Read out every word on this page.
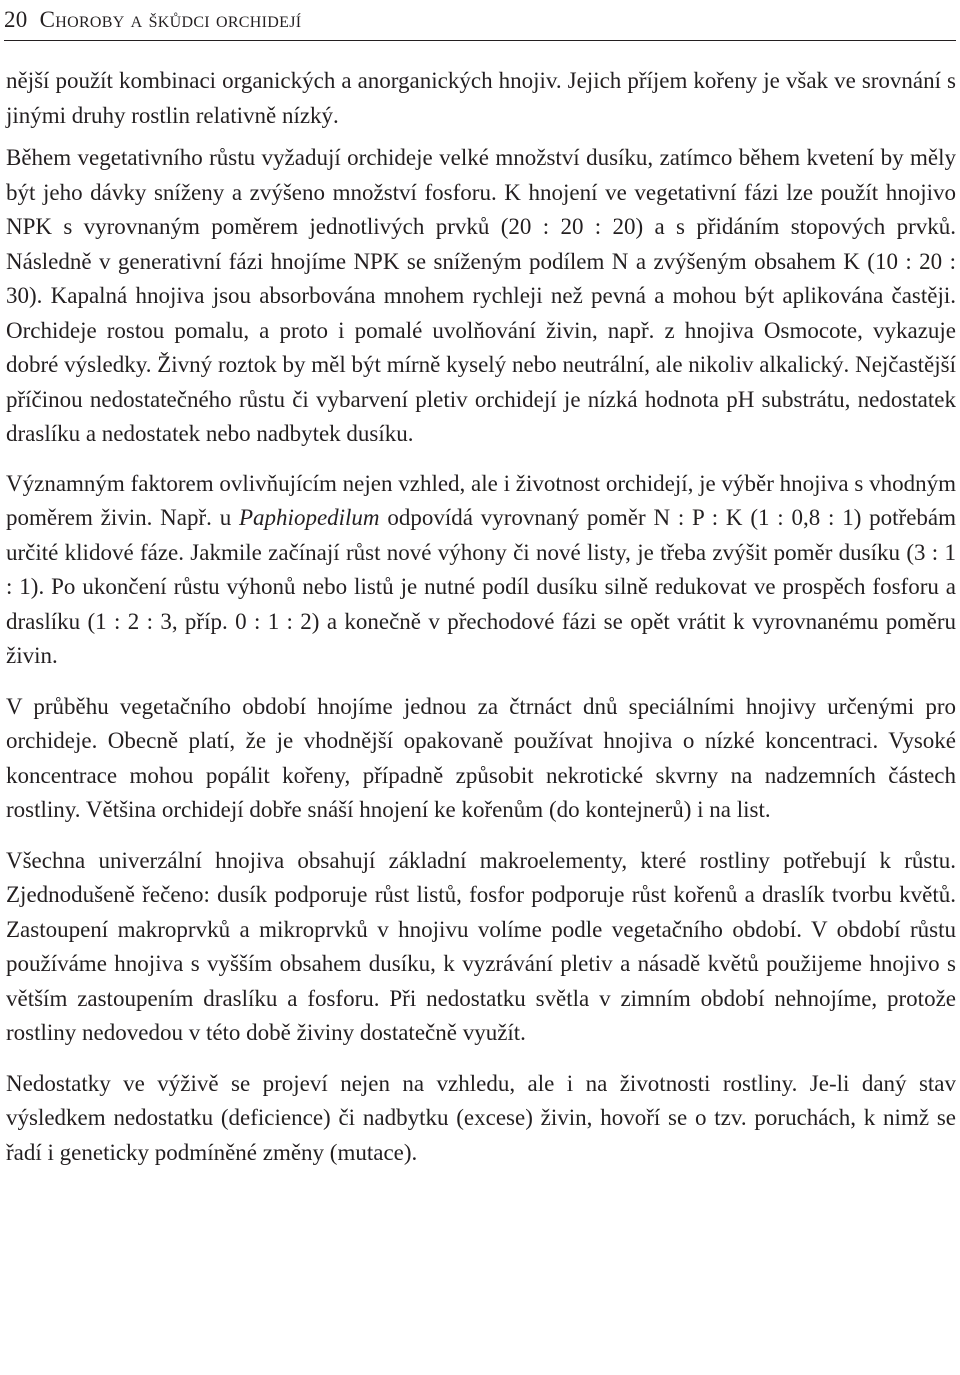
20 Choroby a škůdci orchidejí

nější použít kombinaci organických a anorganických hnojiv. Jejich příjem kořeny je však ve srovnání s jinými druhy rostlin relativně nízký.

Během vegetativního růstu vyžadují orchideje velké množství dusíku, zatímco během kvetení by měly být jeho dávky sníženy a zvýšeno množství fosforu. K hnojení ve vegetativní fázi lze použít hnojivo NPK s vyrovnaným poměrem jednotlivých prvků (20 : 20 : 20) a s přidáním stopových prvků. Následně v generativní fázi hnojíme NPK se sníženým podílem N a zvýšeným obsahem K (10 : 20 : 30). Kapalná hnojiva jsou absorbována mnohem rychleji než pevná a mohou být aplikována častěji. Orchideje rostou pomalu, a proto i pomalé uvolňování živin, např. z hnojiva Osmocote, vykazuje dobré výsledky. Živný roztok by měl být mírně kyselý nebo neutrální, ale nikoliv alkalický. Nejčastější příčinou nedostatečného růstu či vybarvení pletiv orchidejí je nízká hodnota pH substrátu, nedostatek draslíku a nedostatek nebo nadbytek dusíku.

Významným faktorem ovlivňujícím nejen vzhled, ale i životnost orchidejí, je výběr hnojiva s vhodným poměrem živin. Např. u Paphiopedilum odpovídá vyrovnaný poměr N : P : K (1 : 0,8 : 1) potřebám určité klidové fáze. Jakmile začínají růst nové výhony či nové listy, je třeba zvýšit poměr dusíku (3 : 1 : 1). Po ukončení růstu výhonů nebo listů je nutné podíl dusíku silně redukovat ve prospěch fosforu a draslíku (1 : 2 : 3, příp. 0 : 1 : 2) a konečně v přechodové fázi se opět vrátit k vyrovnanému poměru živin.

V průběhu vegetačního období hnojíme jednou za čtrnáct dnů speciálními hnojivy určenými pro orchideje. Obecně platí, že je vhodnější opakovaně používat hnojiva o nízké koncentraci. Vysoké koncentrace mohou popálit kořeny, případně způsobit nekrotické skvrny na nadzemních částech rostliny. Většina orchidejí dobře snáší hnojení ke kořenům (do kontejnerů) i na list.

Všechna univerzální hnojiva obsahují základní makroelementy, které rostliny potřebují k růstu. Zjednodušeně řečeno: dusík podporuje růst listů, fosfor podporuje růst kořenů a draslík tvorbu květů. Zastoupení makroprvků a mikroprvků v hnojivu volíme podle vegetačního období. V období růstu používáme hnojiva s vyšším obsahem dusíku, k vyzrávání pletiv a násadě květů použijeme hnojivo s větším zastoupením draslíku a fosforu. Při nedostatku světla v zimním období nehnojíme, protože rostliny nedovedou v této době živiny dostatečně využít.

Nedostatky ve výživě se projeví nejen na vzhledu, ale i na životnosti rostliny. Je-li daný stav výsledkem nedostatku (deficience) či nadbytku (excese) živin, hovoří se o tzv. poruchách, k nimž se řadí i geneticky podmíněné změny (mutace).
